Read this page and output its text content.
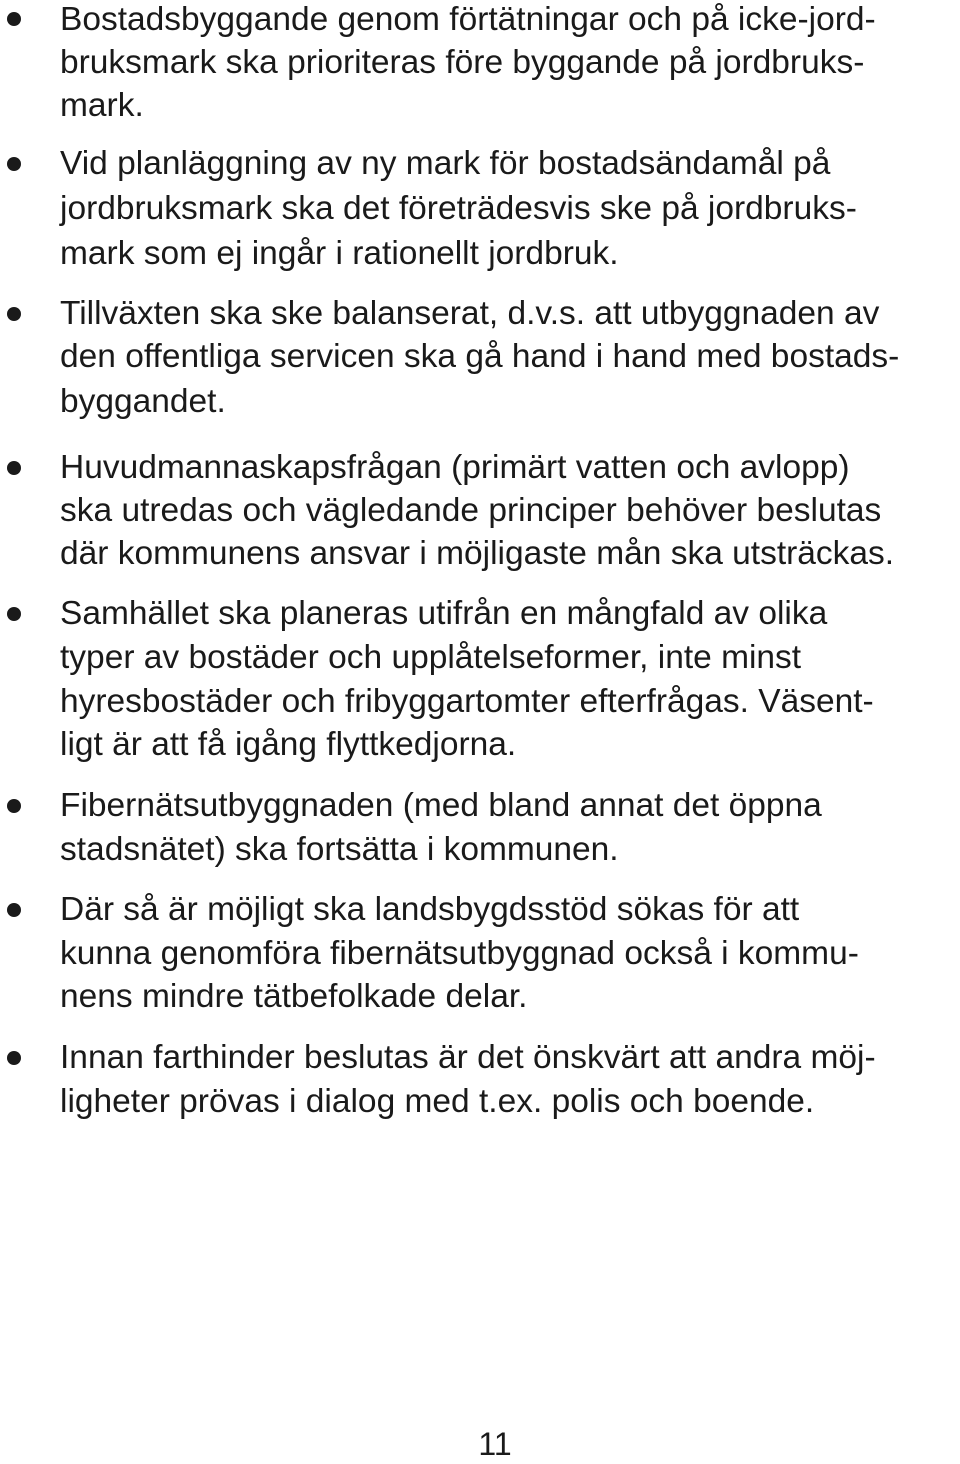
Bostadsbyggande genom förtätningar och på icke-jord-
bruksmark ska prioriteras före byggande på jordbruks-
mark.
Vid planläggning av ny mark för bostadsändamål på
jordbruksmark ska det företrädesvis ske på jordbruks-
mark som ej ingår i rationellt jordbruk.
Tillväxten ska ske balanserat, d.v.s. att utbyggnaden av
den offentliga servicen ska gå hand i hand med bostads-
byggandet.
Huvudmannaskapsfrågan (primärt vatten och avlopp)
ska utredas och vägledande principer behöver beslutas
där kommunens ansvar i möjligaste mån ska utsträckas.
Samhället ska planeras utifrån en mångfald av olika
typer av bostäder och upplåtelseformer, inte minst
hyresbostäder och fribyggartomter efterfrågas. Väsent-
ligt är att få igång flyttkedjorna.
Fibernätsutbyggnaden (med bland annat det öppna
stadsnätet) ska fortsätta i kommunen.
Där så är möjligt ska landsbygdsstöd sökas för att
kunna genomföra fibernätsutbyggnad också i kommu-
nens mindre tätbefolkade delar.
Innan farthinder beslutas är det önskvärt att andra möj-
ligheter prövas i dialog med t.ex. polis och boende.
11
